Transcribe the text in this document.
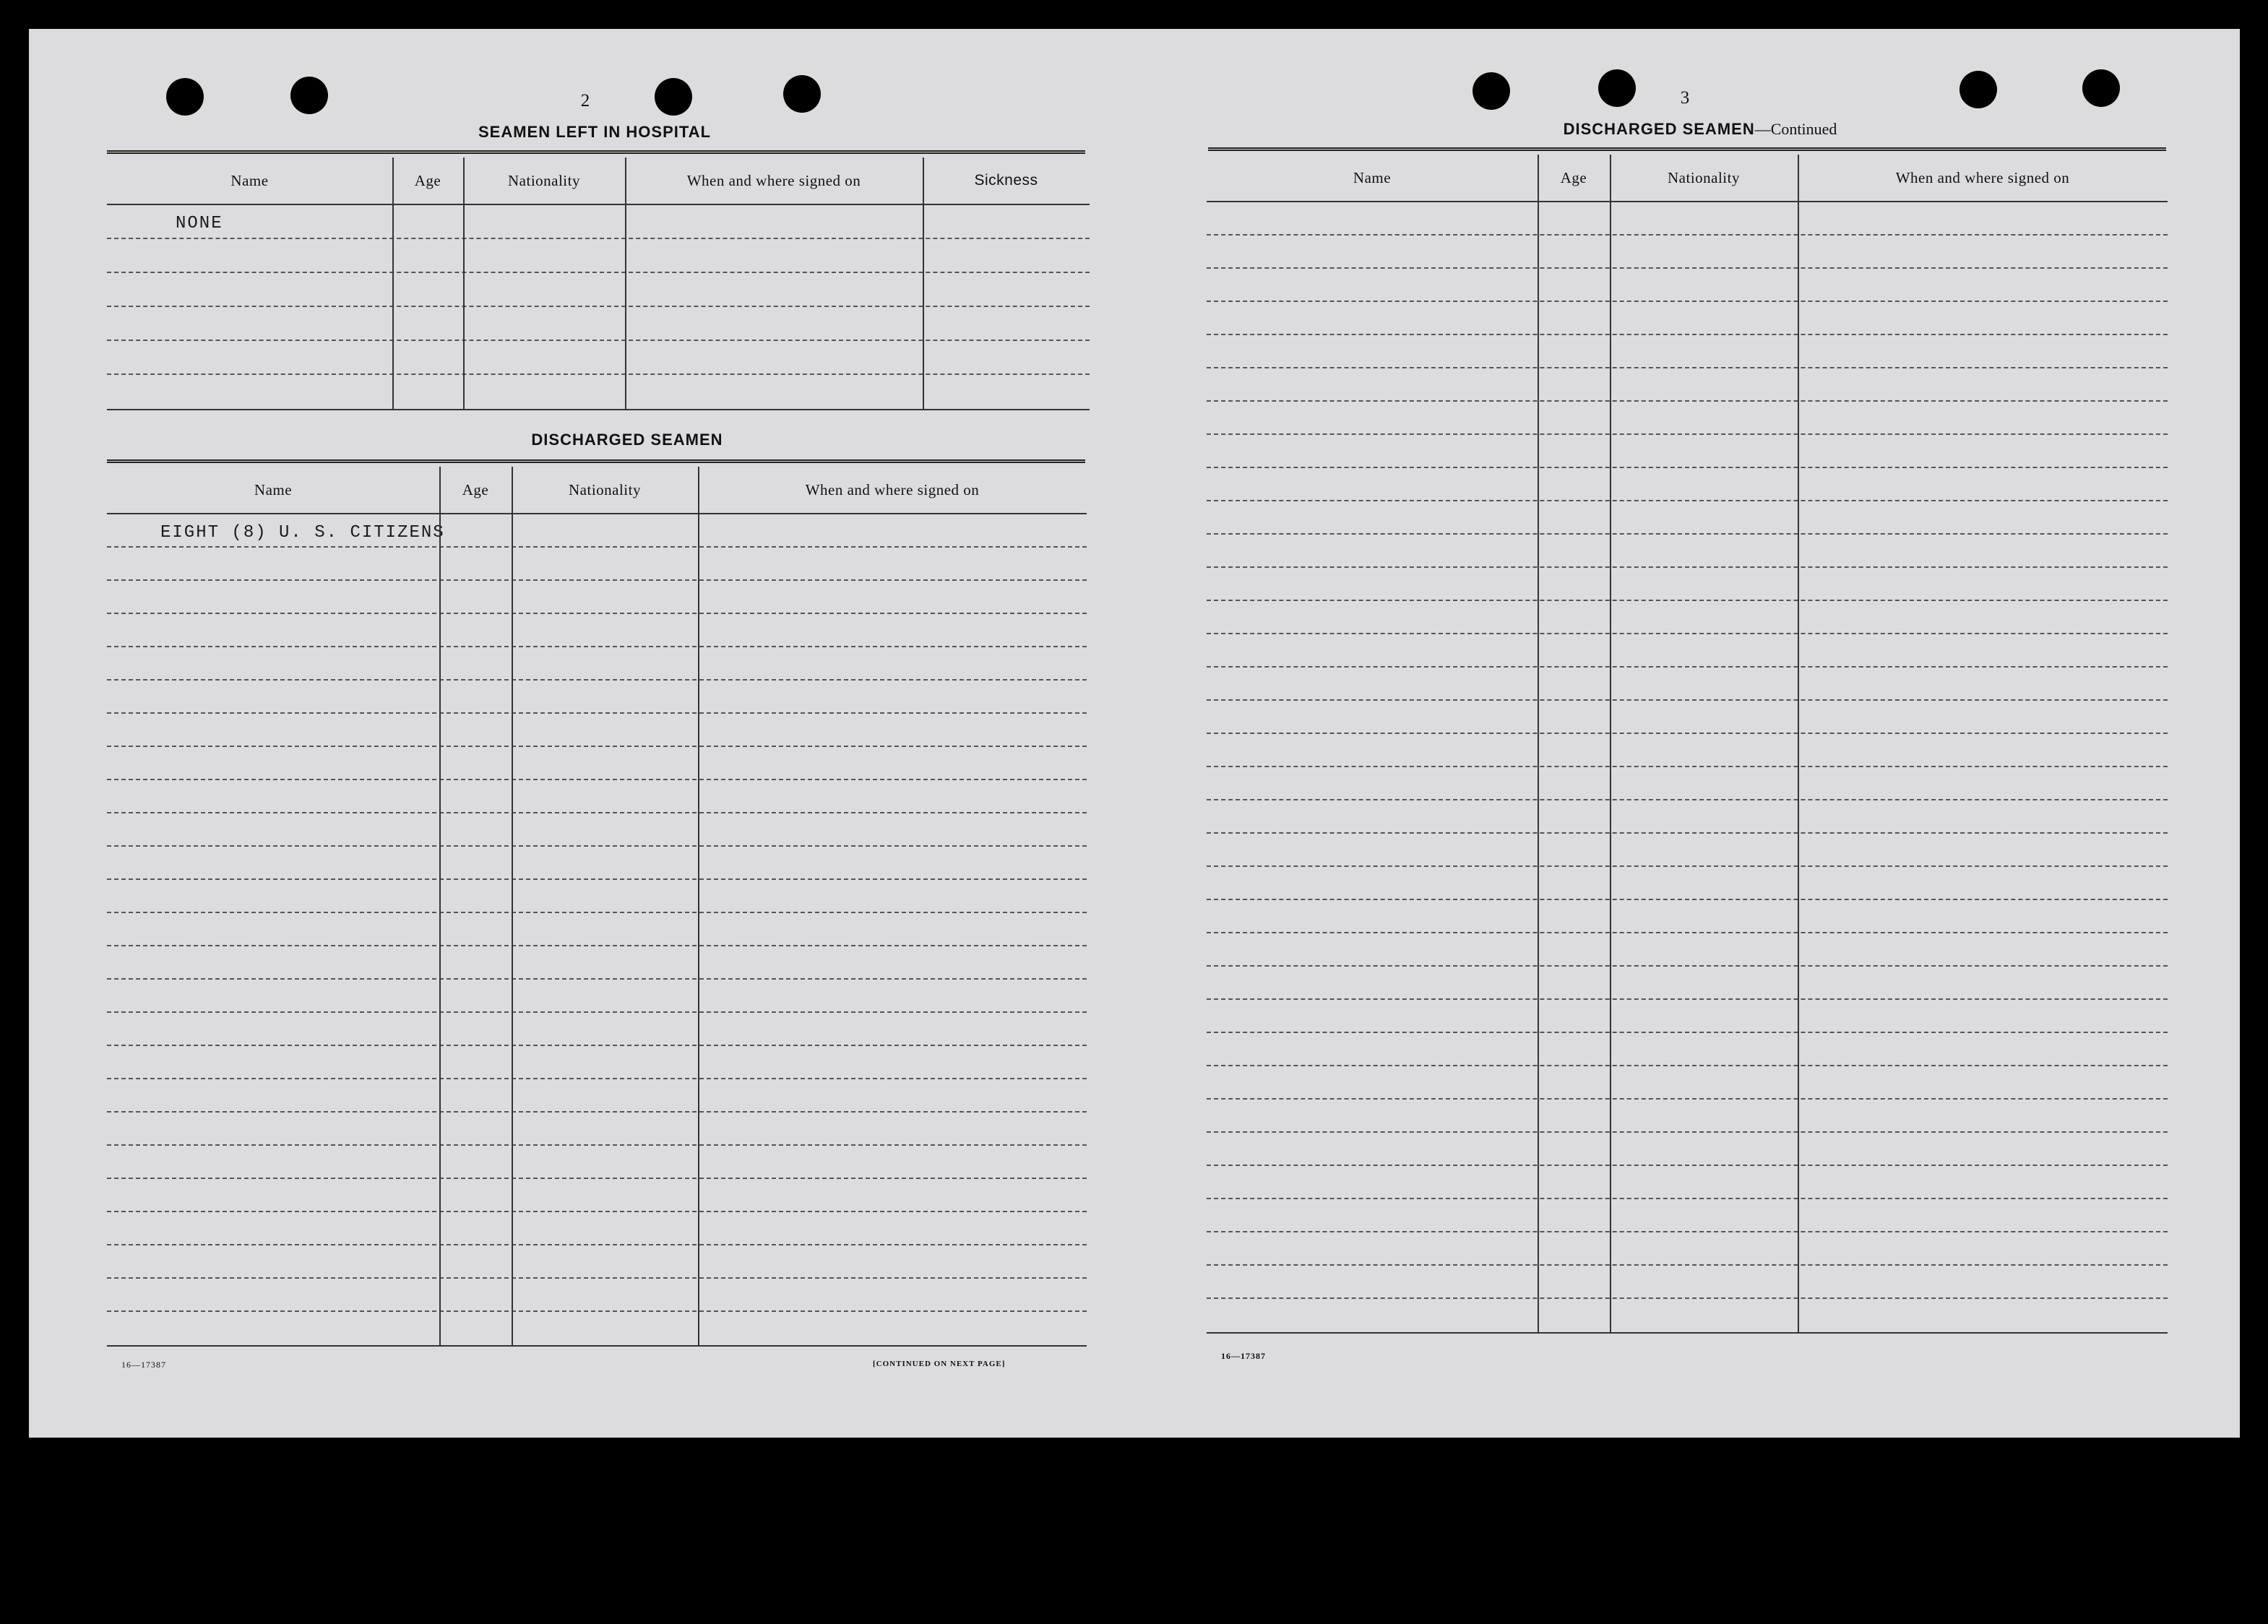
2
SEAMEN LEFT IN HOSPITAL
Name	Age	Nationality	When and where signed on	Sickness
NONE
DISCHARGED SEAMEN
Name	Age	Nationality	When and where signed on
EIGHT (8) U. S. CITIZENS
16—17387	[CONTINUED ON NEXT PAGE]
3
DISCHARGED SEAMEN—Continued
Name	Age	Nationality	When and where signed on
16—17387
